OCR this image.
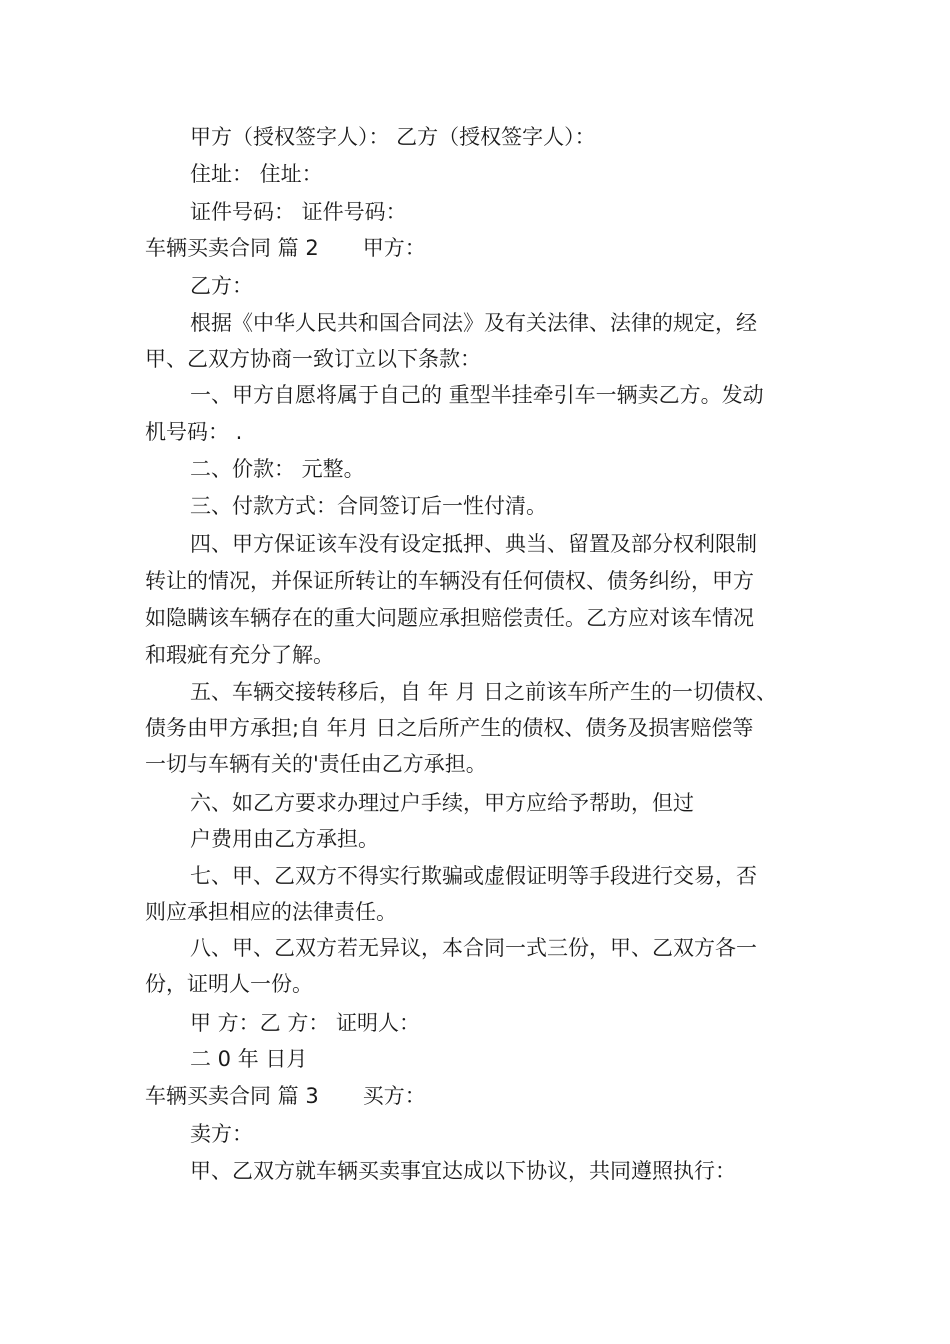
甲方（授权签字人）： 乙方（授权签字人）：
住址： 住址：
证件号码： 证件号码：
车辆买卖合同 篇 2 甲方：
乙方：
根据《中华人民共和国合同法》及有关法律、法律的规定，经
甲、乙双方协商一致订立以下条款：
一、甲方自愿将属于自己的 重型半挂牵引车一辆卖乙方。发动
机号码： .
二、价款： 元整。
三、付款方式：合同签订后一性付清。
四、甲方保证该车没有设定抵押、典当、留置及部分权利限制
转让的情况，并保证所转让的车辆没有任何债权、债务纠纷，甲方
如隐瞒该车辆存在的重大问题应承担赔偿责任。乙方应对该车情况
和瑕疵有充分了解。
五、车辆交接转移后，自 年 月 日之前该车所产生的一切债权、
债务由甲方承担;自 年月 日之后所产生的债权、债务及损害赔偿等
一切与车辆有关的'责任由乙方承担。
六、如乙方要求办理过户手续，甲方应给予帮助，但过
户费用由乙方承担。
七、甲、乙双方不得实行欺骗或虚假证明等手段进行交易，否
则应承担相应的法律责任。
八、甲、乙双方若无异议，本合同一式三份，甲、乙双方各一
份，证明人一份。
甲 方：乙 方： 证明人：
二 0 年 日月
车辆买卖合同 篇 3 买方：
卖方：
甲、乙双方就车辆买卖事宜达成以下协议，共同遵照执行：
